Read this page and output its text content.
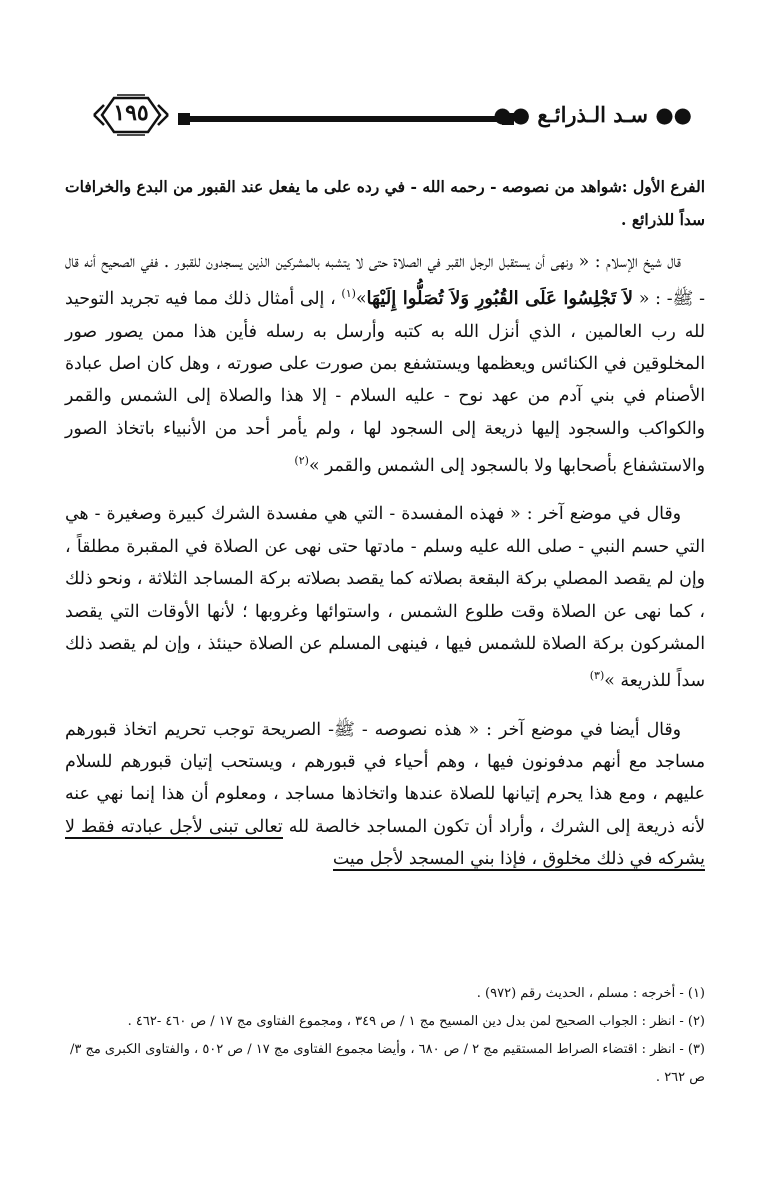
١٩٥	●● سـد الـذرائـع ●●
الفرع الأول :شواهد من نصوصه - رحمه الله - في رده على ما يفعل عند القبور من البدع والخرافات سداً للذرائع .

قال شيخ الإسلام : « ونهى أن يستقبل الرجل القبر في الصلاة حتى لا يتشبه بالمشركين الذين يسجدون للقبور . ففي الصحيح أنه قال - ﷺ- : « لاَ تَجْلِسُوا عَلَى القُبُورِ وَلاَ تُصَلُّوا إِلَيْهَا»$^{(١)}$ ، إلى أمثال ذلك مما فيه تجريد التوحيد لله رب العالمين ، الذي أنزل الله به كتبه وأرسل به رسله فأين هذا ممن يصور صور المخلوقين في الكنائس ويعظمها ويستشفع بمن صورت على صورته ، وهل كان اصل عبادة الأصنام في بني آدم من عهد نوح - عليه السلام - إلا هذا والصلاة إلى الشمس والقمر والكواكب والسجود إليها ذريعة إلى السجود لها ، ولم يأمر أحد من الأنبياء باتخاذ الصور والاستشفاع بأصحابها ولا بالسجود إلى الشمس والقمر »$^{(٢)}$

وقال في موضع آخر : « فهذه المفسدة - التي هي مفسدة الشرك كبيرة وصغيرة - هي التي حسم النبي - صلى الله عليه وسلم - مادتها حتى نهى عن الصلاة في المقبرة مطلقاً ، وإن لم يقصد المصلي بركة البقعة بصلاته كما يقصد بصلاته بركة المساجد الثلاثة ، ونحو ذلك ، كما نهى عن الصلاة وقت طلوع الشمس ، واستوائها وغروبها ؛ لأنها الأوقات التي يقصد المشركون بركة الصلاة للشمس فيها ، فينهى المسلم عن الصلاة حينئذ ، وإن لم يقصد ذلك سداً للذريعة »$^{(٣)}$

وقال أيضا في موضع آخر : « هذه نصوصه - ﷺ- الصريحة توجب تحريم اتخاذ قبورهم مساجد مع أنهم مدفونون فيها ، وهم أحياء في قبورهم ، ويستحب إتيان قبورهم للسلام عليهم ، ومع هذا يحرم إتيانها للصلاة عندها واتخاذها مساجد ، ومعلوم أن هذا إنما نهي عنه لأنه ذريعة إلى الشرك ، وأراد أن تكون المساجد خالصة لله تعالى تبنى لأجل عبادته فقط لا يشركه في ذلك مخلوق ، فإذا بني المسجد لأجل ميت

(١) - أخرجه : مسلم ، الحديث رقم (٩٧٢) .

(٢) - انظر : الجواب الصحيح لمن بدل دين المسيح مج ١ / ص ٣٤٩ ، ومجموع الفتاوى مج ١٧ / ص ٤٦٠ -٤٦٢ .

(٣) - انظر : اقتضاء الصراط المستقيم مج ٢ / ص ٦٨٠ ، وأيضا مجموع الفتاوى مج ١٧ / ص ٥٠٢ ، والفتاوى الكبرى مج ٣/ ص ٢٦٢ .
